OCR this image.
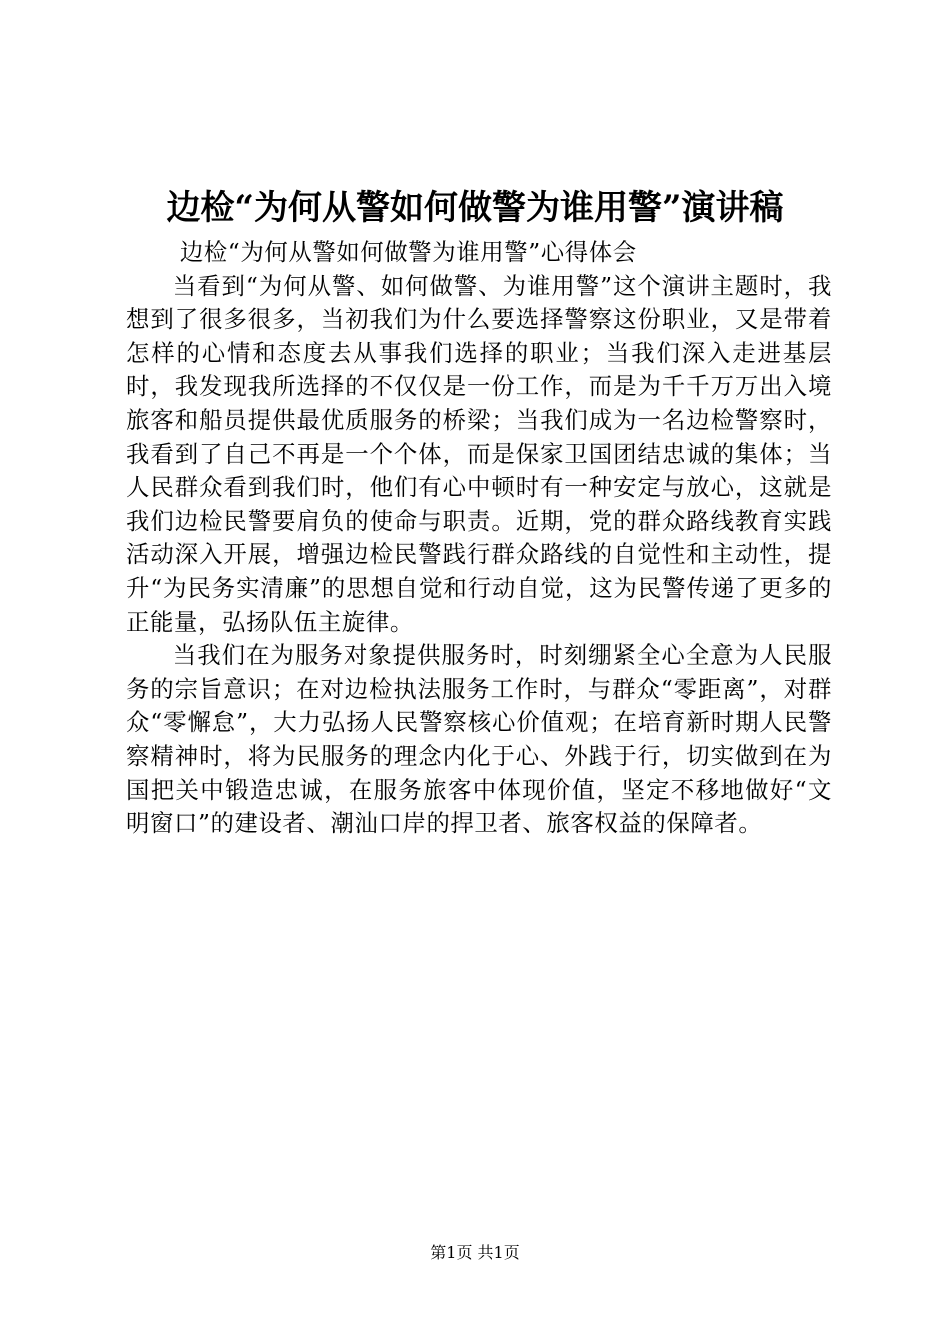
边检“为何从警如何做警为谁用警”演讲稿

边检“为何从警如何做警为谁用警”心得体会

当看到“为何从警、如何做警、为谁用警”这个演讲主题时，我想到了很多很多，当初我们为什么要选择警察这份职业，又是带着怎样的心情和态度去从事我们选择的职业；当我们深入走进基层时，我发现我所选择的不仅仅是一份工作，而是为千千万万出入境旅客和船员提供最优质服务的桥梁；当我们成为一名边检警察时，我看到了自己不再是一个个体，而是保家卫国团结忠诚的集体；当人民群众看到我们时，他们有心中顿时有一种安定与放心，这就是我们边检民警要肩负的使命与职责。近期，党的群众路线教育实践活动深入开展，增强边检民警践行群众路线的自觉性和主动性，提升“为民务实清廉”的思想自觉和行动自觉，这为民警传递了更多的正能量，弘扬队伍主旋律。

当我们在为服务对象提供服务时，时刻绷紧全心全意为人民服务的宗旨意识；在对边检执法服务工作时，与群众“零距离”，对群众“零懈怠”，大力弘扬人民警察核心价值观；在培育新时期人民警察精神时，将为民服务的理念内化于心、外践于行，切实做到在为国把关中锻造忠诚，在服务旅客中体现价值，坚定不移地做好“文明窗口”的建设者、潮汕口岸的捍卫者、旅客权益的保障者。

第1页 共1页
